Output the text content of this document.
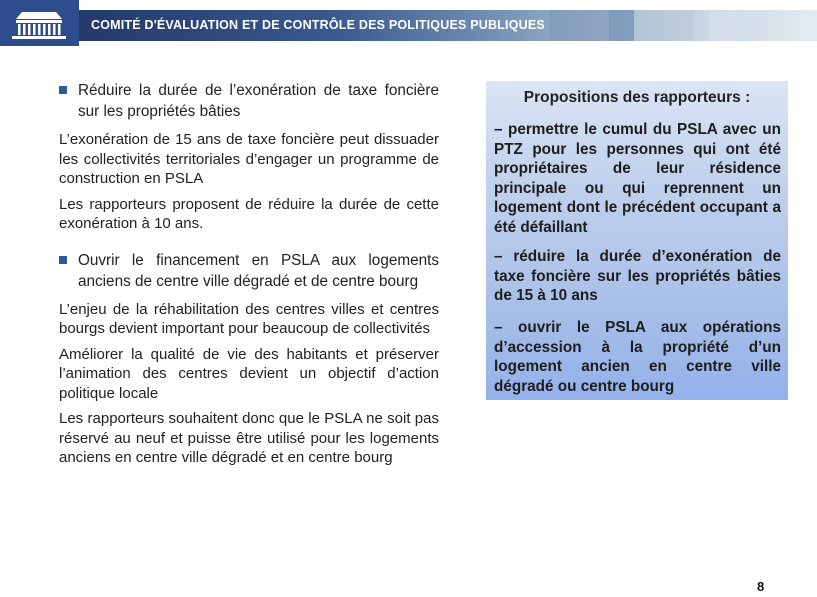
COMITÉ D'ÉVALUATION ET DE CONTRÔLE DES POLITIQUES PUBLIQUES
Réduire la durée de l’exonération de taxe foncière sur les propriétés bâties

L’exonération de 15 ans de taxe foncière peut dissuader les collectivités territoriales d’engager un programme de construction en PSLA

Les rapporteurs proposent de réduire la durée de cette exonération à 10 ans.

Ouvrir le financement en PSLA aux logements anciens de centre ville dégradé et de centre bourg

L’enjeu de la réhabilitation des centres villes et centres bourgs devient important pour beaucoup de collectivités

Améliorer la qualité de vie des habitants et préserver l’animation des centres devient un objectif d’action politique locale

Les rapporteurs souhaitent donc que le PSLA ne soit pas réservé au neuf et puisse être utilisé pour les logements anciens en centre ville dégradé et en centre bourg

Propositions des rapporteurs :
– permettre le cumul du PSLA avec un PTZ pour les personnes qui ont été propriétaires de leur résidence principale ou qui reprennent un logement dont le précédent occupant a été défaillant
– réduire la durée d’exonération de taxe foncière sur les propriétés bâties de 15 à 10 ans
– ouvrir le PSLA aux opérations d’accession à la propriété d’un logement ancien en centre ville dégradé ou centre bourg
8
